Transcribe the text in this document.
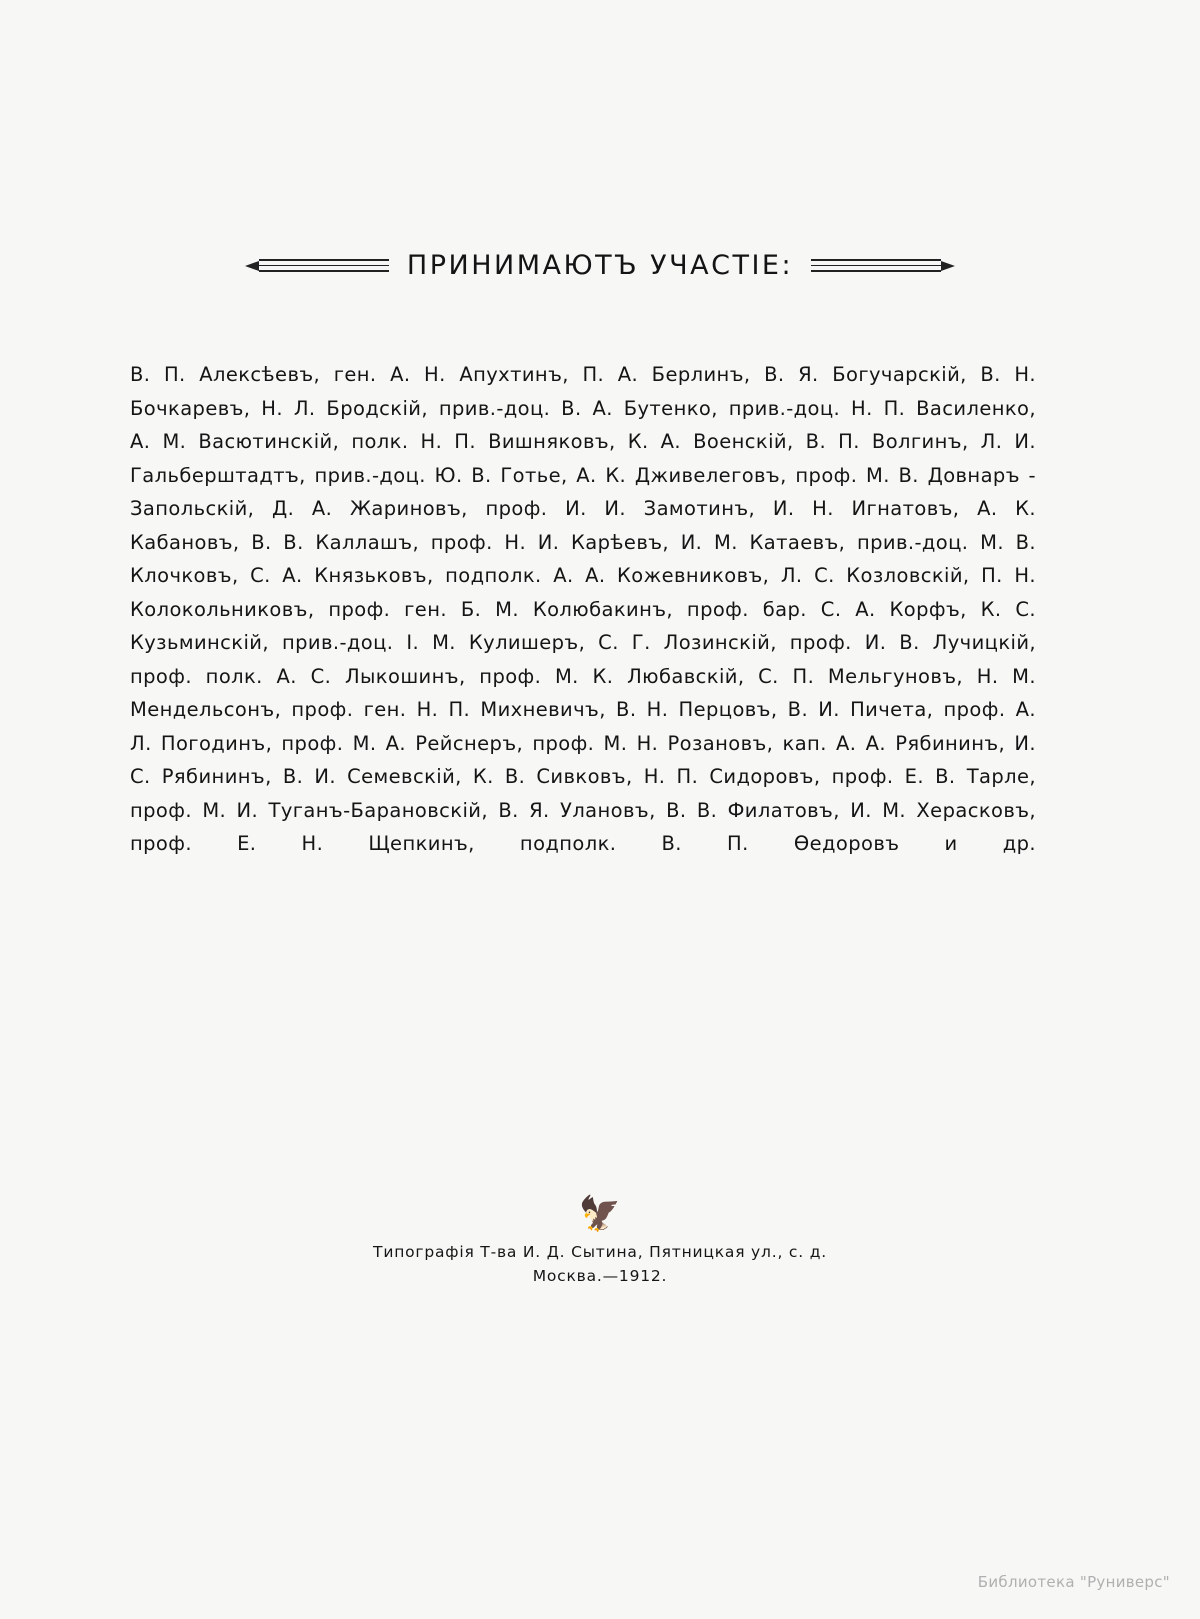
ПРИНИМАЮТЪ УЧАСТІЕ:
В. П. Алексѣевъ, ген. А. Н. Апухтинъ, П. А. Берлинъ, В. Я. Богучарскій, В. Н. Бочкаревъ, Н. Л. Бродскій, прив.-доц. В. А. Бутенко, прив.-доц. Н. П. Василенко, А. М. Васютинскій, полк. Н. П. Вишняковъ, К. А. Военскій, В. П. Волгинъ, Л. И. Гальберштадтъ, прив.-доц. Ю. В. Готье, А. К. Дживелеговъ, проф. М. В. Довнаръ - Запольскій, Д. А. Жариновъ, проф. И. И. Замотинъ, И. Н. Игнатовъ, А. К. Кабановъ, В. В. Каллашъ, проф. Н. И. Карѣевъ, И. М. Катаевъ, прив.-доц. М. В. Клочковъ, С. А. Князьковъ, подполк. А. А. Кожевниковъ, Л. С. Козловскій, П. Н. Колокольниковъ, проф. ген. Б. М. Колюбакинъ, проф. бар. С. А. Корфъ, К. С. Кузьминскій, прив.-доц. І. М. Кулишеръ, С. Г. Лозинскій, проф. И. В. Лучицкій, проф. полк. А. С. Лыкошинъ, проф. М. К. Любавскій, С. П. Мельгуновъ, Н. М. Мендельсонъ, проф. ген. Н. П. Михневичъ, В. Н. Перцовъ, В. И. Пичета, проф. А. Л. Погодинъ, проф. М. А. Рейснеръ, проф. М. Н. Розановъ, кап. А. А. Рябининъ, И. С. Рябининъ, В. И. Семевскій, К. В. Сивковъ, Н. П. Сидоровъ, проф. Е. В. Тарле, проф. М. И. Туганъ-Барановскій, В. Я. Улановъ, В. В. Филатовъ, И. М. Херасковъ, проф. Е. Н. Щепкинъ, подполк. В. П. Ѳедоровъ и др.
🦅
Типографія Т-ва И. Д. Сытина, Пятницкая ул., с. д.
Москва.—1912.
Библиотека "Руниверс"
